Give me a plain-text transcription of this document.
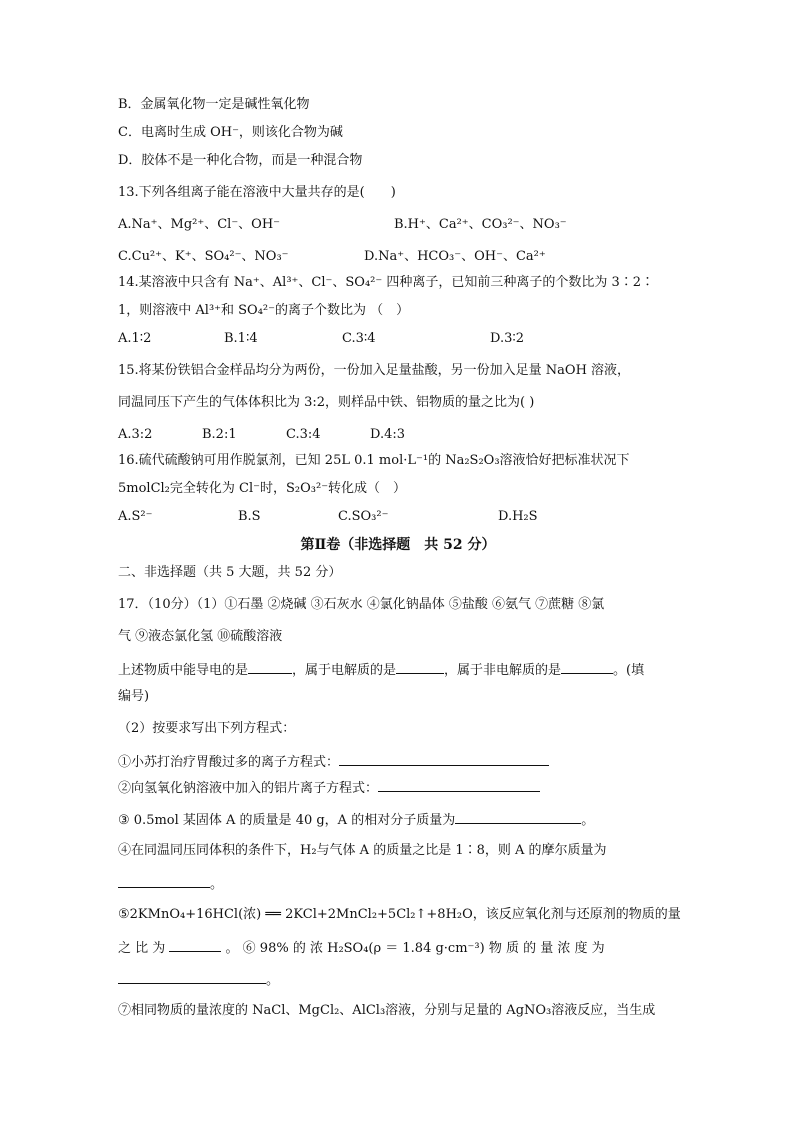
B．金属氧化物一定是碱性氧化物
C．电离时生成 OH⁻，则该化合物为碱
D．胶体不是一种化合物，而是一种混合物
13.下列各组离子能在溶液中大量共存的是(　　)
A.Na⁺、Mg²⁺、Cl⁻、OH⁻	B.H⁺、Ca²⁺、CO₃²⁻、NO₃⁻
C.Cu²⁺、K⁺、SO₄²⁻、NO₃⁻	D.Na⁺、HCO₃⁻、OH⁻、Ca²⁺
14.某溶液中只含有 Na⁺、Al³⁺、Cl⁻、SO₄²⁻ 四种离子，已知前三种离子的个数比为 3∶2∶
1，则溶液中 Al³⁺和 SO₄²⁻的离子个数比为 （　）
A.1∶2	B.1∶4	C.3∶4	D.3∶2
15.将某份铁铝合金样品均分为两份，一份加入足量盐酸，另一份加入足量 NaOH 溶液，
同温同压下产生的气体体积比为 3:2，则样品中铁、铝物质的量之比为( )
A.3:2	B.2:1	C.3:4	D.4:3
16.硫代硫酸钠可用作脱氯剂，已知 25L 0.1 mol·L⁻¹的 Na₂S₂O₃溶液恰好把标准状况下
5molCl₂完全转化为 Cl⁻时，S₂O₃²⁻转化成（　）
A.S²⁻	B.S	C.SO₃²⁻	D.H₂S
第Ⅱ卷（非选择题　共 52 分）
二、非选择题（共 5 大题，共 52 分）
17．（10分）（1）①石墨 ②烧碱 ③石灰水 ④氯化钠晶体 ⑤盐酸 ⑥氨气 ⑦蔗糖 ⑧氯
气 ⑨液态氯化氢 ⑩硫酸溶液
上述物质中能导电的是	，属于电解质的是	，属于非电解质的是	。(填
编号)
（2）按要求写出下列方程式：
①小苏打治疗胃酸过多的离子方程式：
②向氢氧化钠溶液中加入的铝片离子方程式：
③ 0.5mol 某固体 A 的质量是 40 g，A 的相对分子质量为	。
④在同温同压同体积的条件下，H₂与气体 A 的质量之比是 1∶8，则 A 的摩尔质量为
。
⑤2KMnO₄+16HCl(浓) ══ 2KCl+2MnCl₂+5Cl₂↑+8H₂O，该反应氧化剂与还原剂的物质的量
之 比 为	。 ⑥ 98% 的 浓 H₂SO₄(ρ ＝ 1.84 g·cm⁻³) 物 质 的 量 浓 度 为
。
⑦相同物质的量浓度的 NaCl、MgCl₂、AlCl₃溶液，分别与足量的 AgNO₃溶液反应，当生成
